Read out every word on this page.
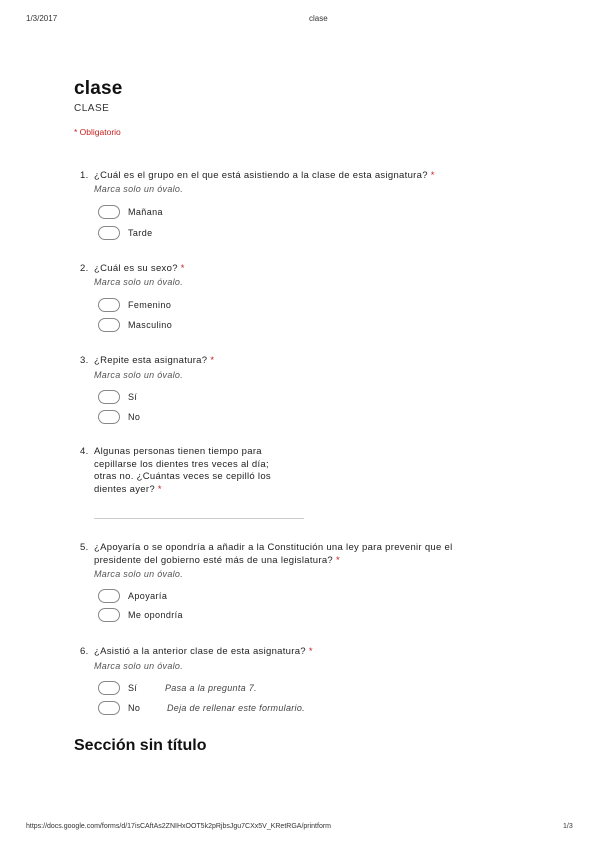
1/3/2017	clase
clase
CLASE
* Obligatorio
1. ¿Cuál es el grupo en el que está asistiendo a la clase de esta asignatura? *
Marca solo un óvalo.
Mañana
Tarde
2. ¿Cuál es su sexo? *
Marca solo un óvalo.
Femenino
Masculino
3. ¿Repite esta asignatura? *
Marca solo un óvalo.
Sí
No
4. Algunas personas tienen tiempo para
cepillarse los dientes tres veces al día;
otras no. ¿Cuántas veces se cepilló los
dientes ayer? *
5. ¿Apoyaría o se opondría a añadir a la Constitución una ley para prevenir que el
presidente del gobierno esté más de una legislatura? *
Marca solo un óvalo.
Apoyaría
Me opondría
6. ¿Asistió a la anterior clase de esta asignatura? *
Marca solo un óvalo.
Sí	Pasa a la pregunta 7.
No	Deja de rellenar este formulario.
Sección sin título
https://docs.google.com/forms/d/17isCAftAs2ZNIHxOOT5k2pRjbsJgu7CXx5V_KRetRGA/printform	1/3
